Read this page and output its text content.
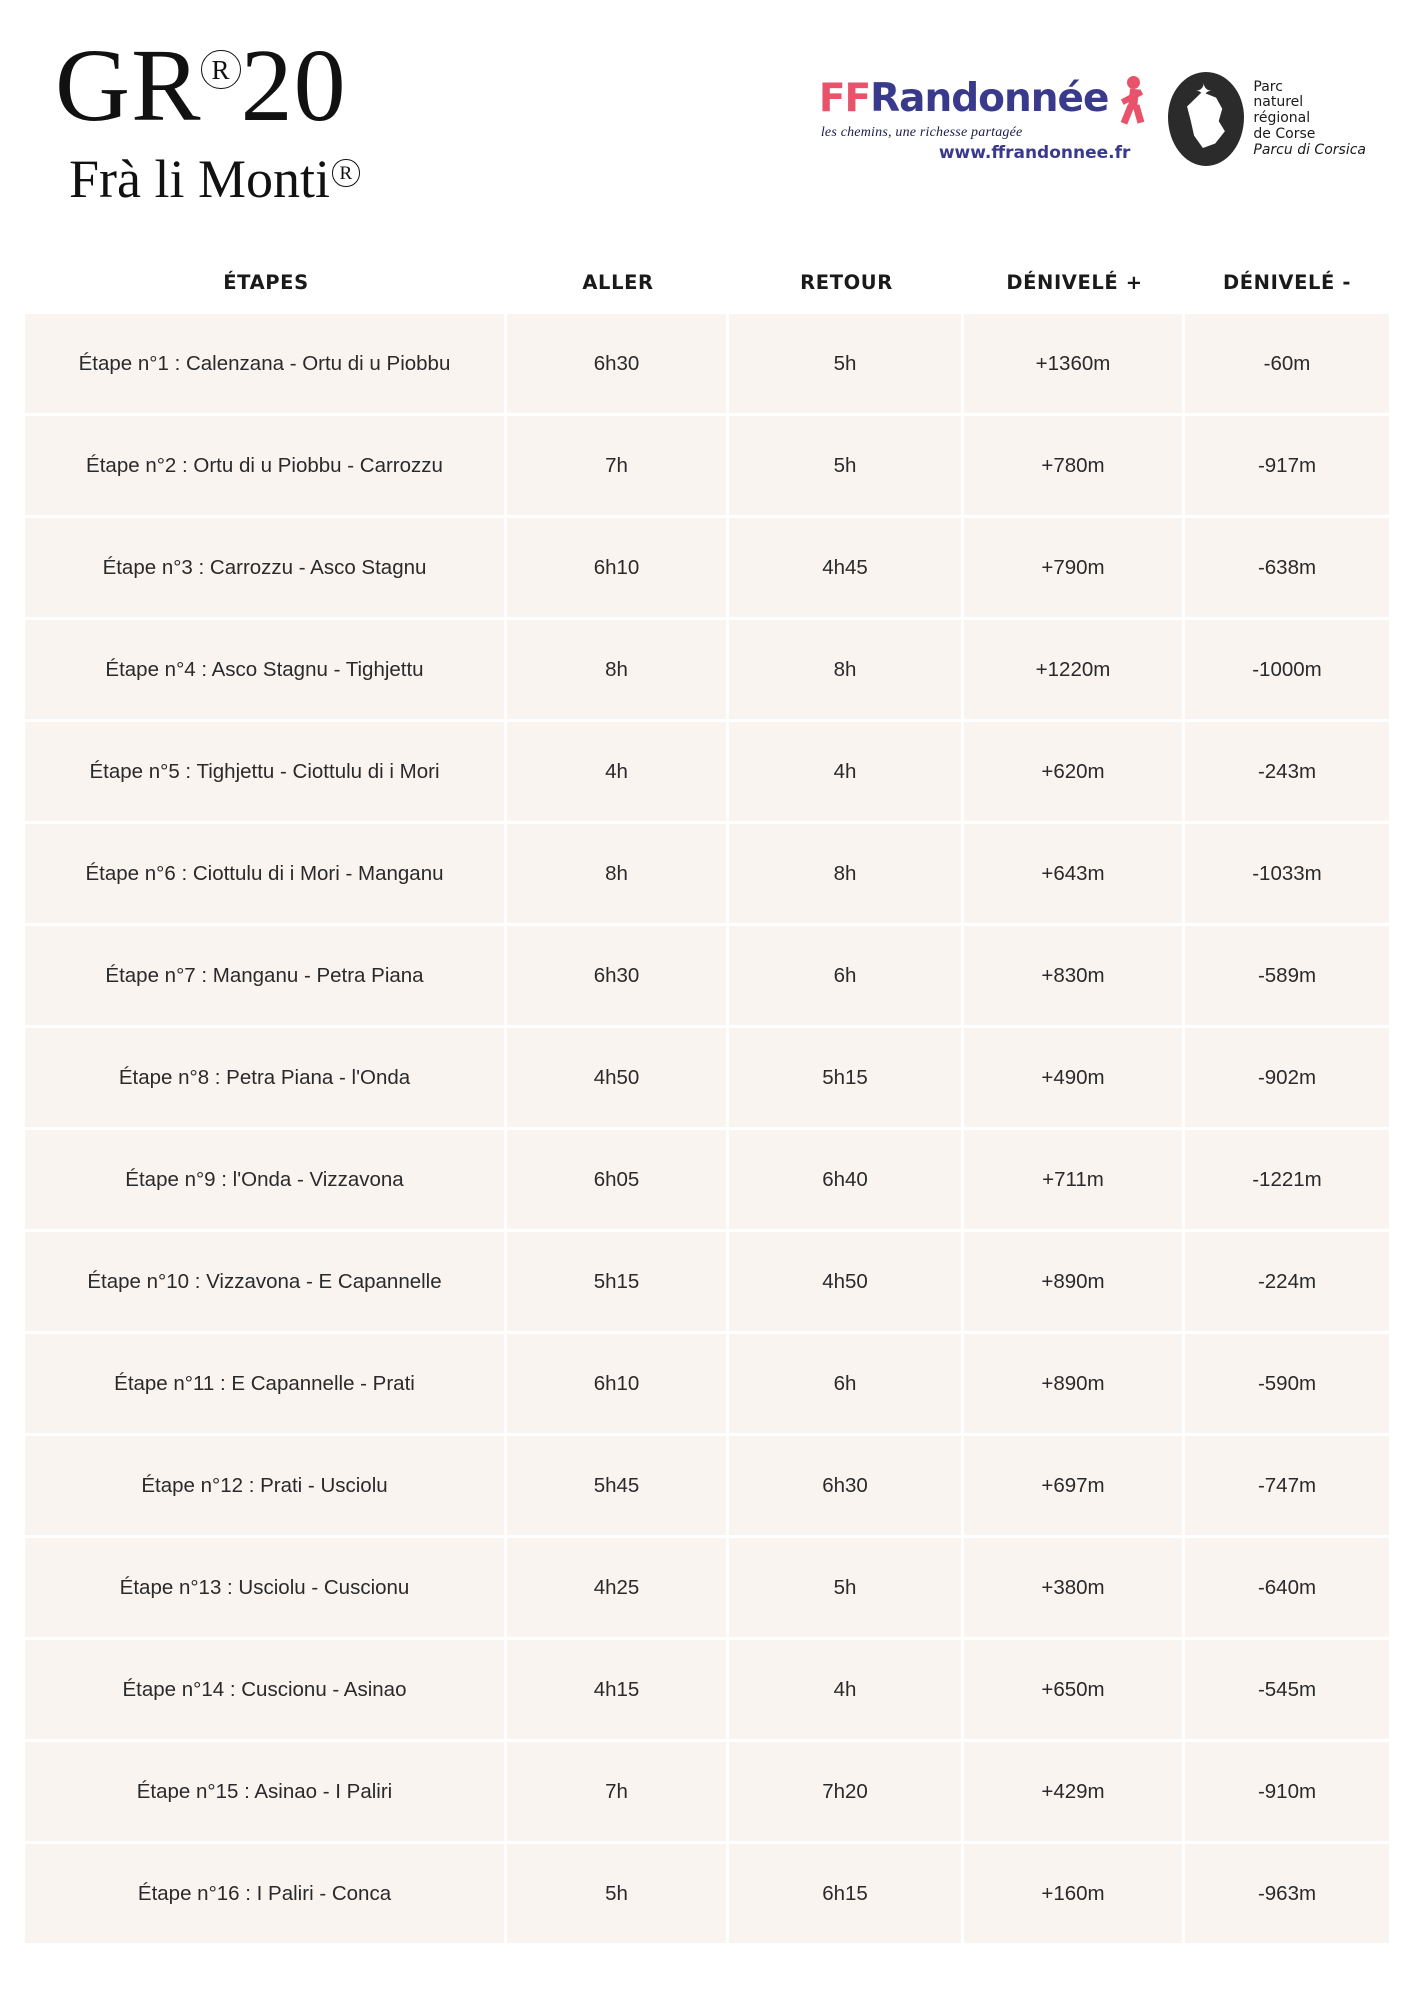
GR R 20
Frà li Monti R
FFRandonnée
les chemins, une richesse partagée
www.ffrandonnee.fr
✦	Parc
naturel
régional
de Corse
Parcu di Corsica
ÉTAPES	ALLER	RETOUR	DÉNIVELÉ +	DÉNIVELÉ -
Étape n°1 : Calenzana - Ortu di u Piobbu	6h30	5h	+1360m	-60m
Étape n°2 : Ortu di u Piobbu - Carrozzu	7h	5h	+780m	-917m
Étape n°3 : Carrozzu - Asco Stagnu	6h10	4h45	+790m	-638m
Étape n°4 : Asco Stagnu - Tighjettu	8h	8h	+1220m	-1000m
Étape n°5 : Tighjettu - Ciottulu di i Mori	4h	4h	+620m	-243m
Étape n°6 : Ciottulu di i Mori - Manganu	8h	8h	+643m	-1033m
Étape n°7 : Manganu - Petra Piana	6h30	6h	+830m	-589m
Étape n°8 : Petra Piana - l'Onda	4h50	5h15	+490m	-902m
Étape n°9 : l'Onda - Vizzavona	6h05	6h40	+711m	-1221m
Étape n°10 : Vizzavona - E Capannelle	5h15	4h50	+890m	-224m
Étape n°11 : E Capannelle - Prati	6h10	6h	+890m	-590m
Étape n°12 : Prati - Usciolu	5h45	6h30	+697m	-747m
Étape n°13 : Usciolu - Cuscionu	4h25	5h	+380m	-640m
Étape n°14 : Cuscionu - Asinao	4h15	4h	+650m	-545m
Étape n°15 : Asinao - I Paliri	7h	7h20	+429m	-910m
Étape n°16 : I Paliri - Conca	5h	6h15	+160m	-963m
